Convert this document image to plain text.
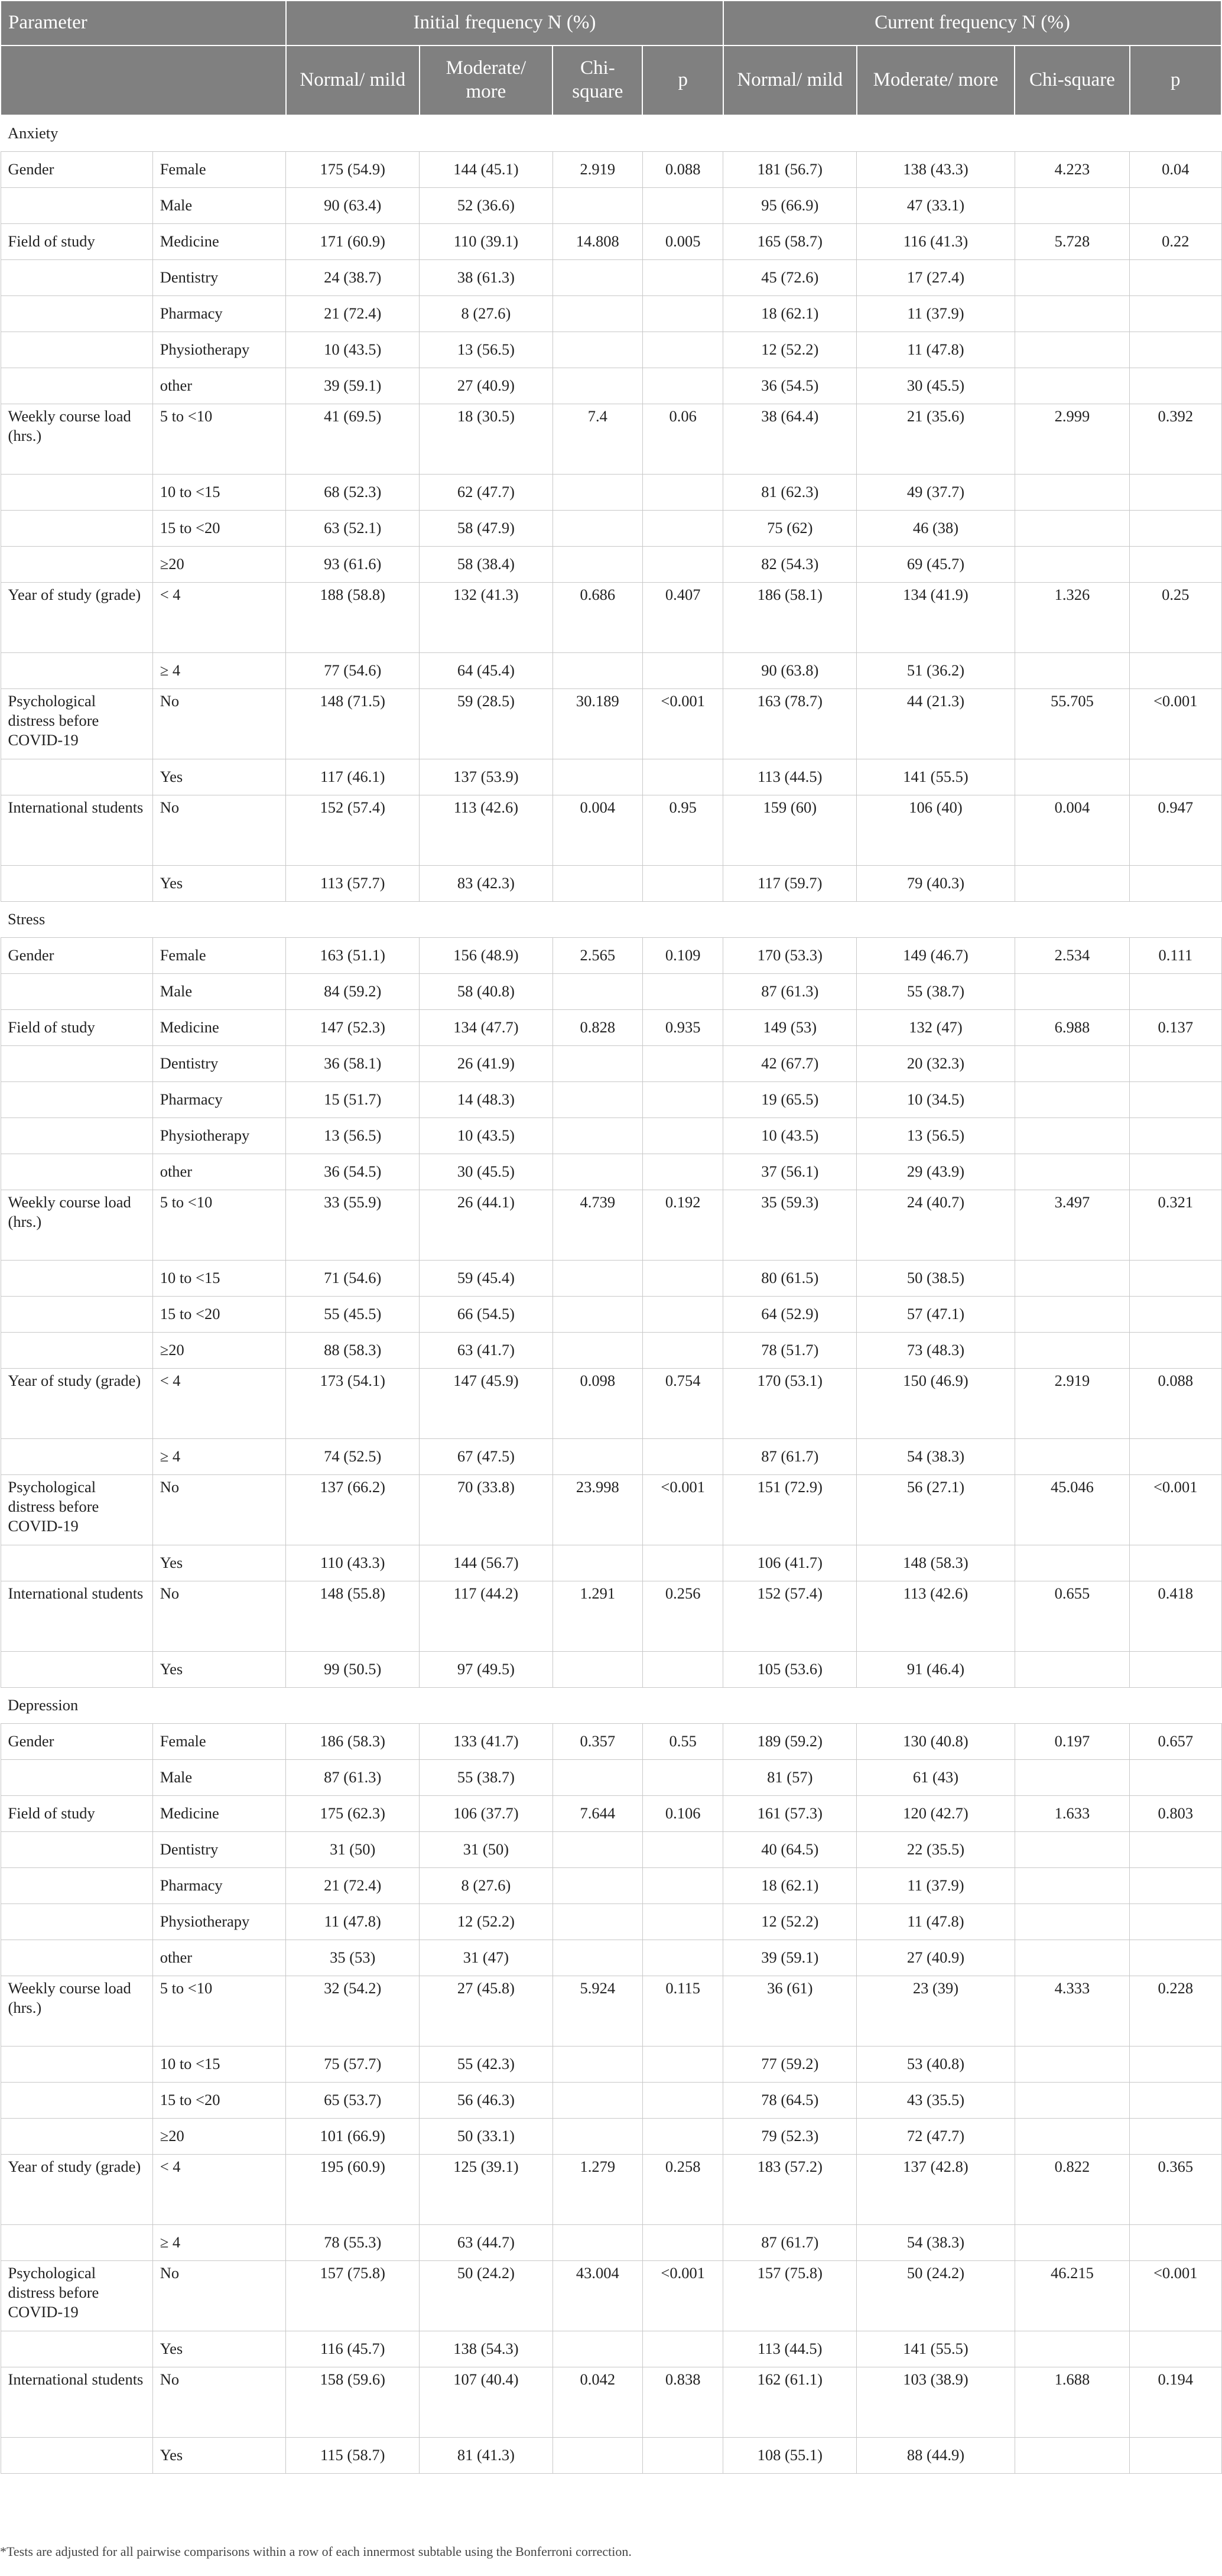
Parameter		Initial frequency N (%)				Current frequency N (%)			
		Normal/ mild	Moderate/ more	Chi-square	p	Normal/ mild	Moderate/ more	Chi-square	p
Anxiety									
Gender	Female	175 (54.9)	144 (45.1)	2.919	0.088	181 (56.7)	138 (43.3)	4.223	0.04
	Male	90 (63.4)	52 (36.6)			95 (66.9)	47 (33.1)		
Field of study	Medicine	171 (60.9)	110 (39.1)	14.808	0.005	165 (58.7)	116 (41.3)	5.728	0.22
	Dentistry	24 (38.7)	38 (61.3)			45 (72.6)	17 (27.4)		
	Pharmacy	21 (72.4)	8 (27.6)			18 (62.1)	11 (37.9)		
	Physiotherapy	10 (43.5)	13 (56.5)			12 (52.2)	11 (47.8)		
	other	39 (59.1)	27 (40.9)			36 (54.5)	30 (45.5)		
Weekly course load (hrs.)	5 to <10	41 (69.5)	18 (30.5)	7.4	0.06	38 (64.4)	21 (35.6)	2.999	0.392
	10 to <15	68 (52.3)	62 (47.7)			81 (62.3)	49 (37.7)		
	15 to <20	63 (52.1)	58 (47.9)			75 (62)	46 (38)		
	≥20	93 (61.6)	58 (38.4)			82 (54.3)	69 (45.7)		
Year of study (grade)	< 4	188 (58.8)	132 (41.3)	0.686	0.407	186 (58.1)	134 (41.9)	1.326	0.25
	≥ 4	77 (54.6)	64 (45.4)			90 (63.8)	51 (36.2)		
Psychological distress before COVID-19	No	148 (71.5)	59 (28.5)	30.189	<0.001	163 (78.7)	44 (21.3)	55.705	<0.001
	Yes	117 (46.1)	137 (53.9)			113 (44.5)	141 (55.5)		
International students	No	152 (57.4)	113 (42.6)	0.004	0.95	159 (60)	106 (40)	0.004	0.947
	Yes	113 (57.7)	83 (42.3)			117 (59.7)	79 (40.3)		
Stress									
Gender	Female	163 (51.1)	156 (48.9)	2.565	0.109	170 (53.3)	149 (46.7)	2.534	0.111
	Male	84 (59.2)	58 (40.8)			87 (61.3)	55 (38.7)		
Field of study	Medicine	147 (52.3)	134 (47.7)	0.828	0.935	149 (53)	132 (47)	6.988	0.137
	Dentistry	36 (58.1)	26 (41.9)			42 (67.7)	20 (32.3)		
	Pharmacy	15 (51.7)	14 (48.3)			19 (65.5)	10 (34.5)		
	Physiotherapy	13 (56.5)	10 (43.5)			10 (43.5)	13 (56.5)		
	other	36 (54.5)	30 (45.5)			37 (56.1)	29 (43.9)		
Weekly course load (hrs.)	5 to <10	33 (55.9)	26 (44.1)	4.739	0.192	35 (59.3)	24 (40.7)	3.497	0.321
	10 to <15	71 (54.6)	59 (45.4)			80 (61.5)	50 (38.5)		
	15 to <20	55 (45.5)	66 (54.5)			64 (52.9)	57 (47.1)		
	≥20	88 (58.3)	63 (41.7)			78 (51.7)	73 (48.3)		
Year of study (grade)	< 4	173 (54.1)	147 (45.9)	0.098	0.754	170 (53.1)	150 (46.9)	2.919	0.088
	≥ 4	74 (52.5)	67 (47.5)			87 (61.7)	54 (38.3)		
Psychological distress before COVID-19	No	137 (66.2)	70 (33.8)	23.998	<0.001	151 (72.9)	56 (27.1)	45.046	<0.001
	Yes	110 (43.3)	144 (56.7)			106 (41.7)	148 (58.3)		
International students	No	148 (55.8)	117 (44.2)	1.291	0.256	152 (57.4)	113 (42.6)	0.655	0.418
	Yes	99 (50.5)	97 (49.5)			105 (53.6)	91 (46.4)		
Depression									
Gender	Female	186 (58.3)	133 (41.7)	0.357	0.55	189 (59.2)	130 (40.8)	0.197	0.657
	Male	87 (61.3)	55 (38.7)			81 (57)	61 (43)		
Field of study	Medicine	175 (62.3)	106 (37.7)	7.644	0.106	161 (57.3)	120 (42.7)	1.633	0.803
	Dentistry	31 (50)	31 (50)			40 (64.5)	22 (35.5)		
	Pharmacy	21 (72.4)	8 (27.6)			18 (62.1)	11 (37.9)		
	Physiotherapy	11 (47.8)	12 (52.2)			12 (52.2)	11 (47.8)		
	other	35 (53)	31 (47)			39 (59.1)	27 (40.9)		
Weekly course load (hrs.)	5 to <10	32 (54.2)	27 (45.8)	5.924	0.115	36 (61)	23 (39)	4.333	0.228
	10 to <15	75 (57.7)	55 (42.3)			77 (59.2)	53 (40.8)		
	15 to <20	65 (53.7)	56 (46.3)			78 (64.5)	43 (35.5)		
	≥20	101 (66.9)	50 (33.1)			79 (52.3)	72 (47.7)		
Year of study (grade)	< 4	195 (60.9)	125 (39.1)	1.279	0.258	183 (57.2)	137 (42.8)	0.822	0.365
	≥ 4	78 (55.3)	63 (44.7)			87 (61.7)	54 (38.3)		
Psychological distress before COVID-19	No	157 (75.8)	50 (24.2)	43.004	<0.001	157 (75.8)	50 (24.2)	46.215	<0.001
	Yes	116 (45.7)	138 (54.3)			113 (44.5)	141 (55.5)		
International students	No	158 (59.6)	107 (40.4)	0.042	0.838	162 (61.1)	103 (38.9)	1.688	0.194
	Yes	115 (58.7)	81 (41.3)			108 (55.1)	88 (44.9)		
*Tests are adjusted for all pairwise comparisons within a row of each innermost subtable using the Bonferroni correction.
